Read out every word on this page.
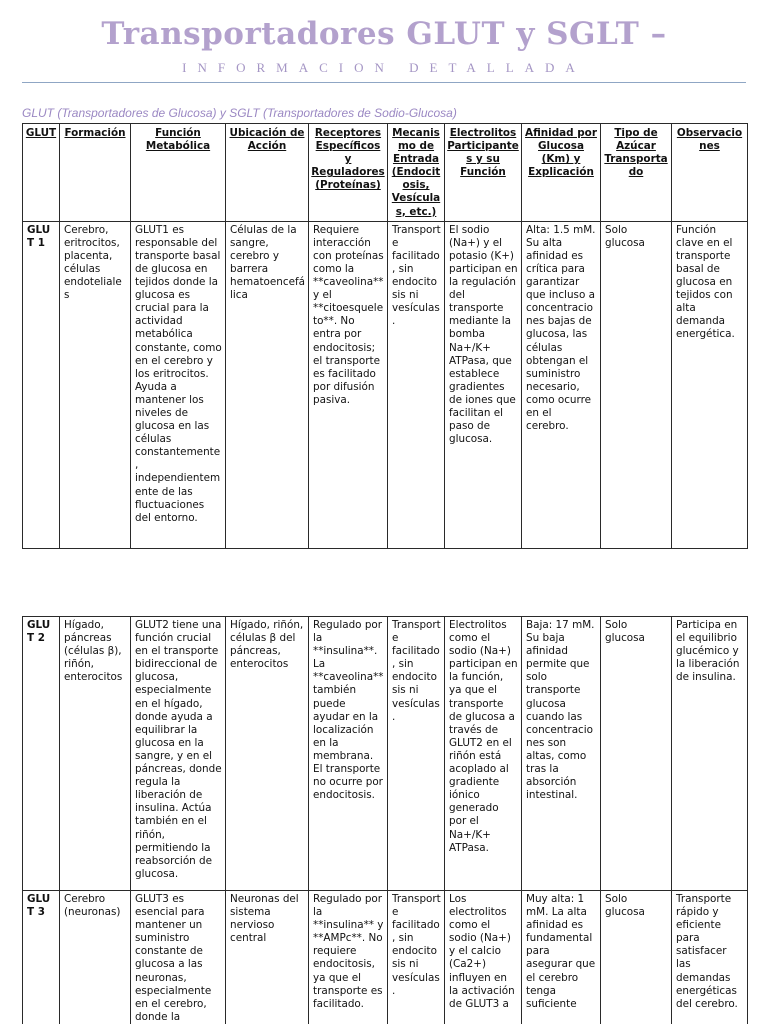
Transportadores GLUT y SGLT –
INFORMACION DETALLADA
GLUT (Transportadores de Glucosa) y SGLT (Transportadores de Sodio-Glucosa)
GLUT	Formación	Función Metabólica	Ubicación de Acción	Receptores Específicos y Reguladores (Proteínas)	Mecanismo de Entrada (Endocitosis, Vesículas, etc.)	Electrolitos Participantes y su Función	Afinidad por Glucosa (Km) y Explicación	Tipo de Azúcar Transportado	Observaciones
GLUT 1	Cerebro, eritrocitos, placenta, células endoteliales	GLUT1 es responsable del transporte basal de glucosa en tejidos donde la glucosa es crucial para la actividad metabólica constante, como en el cerebro y los eritrocitos. Ayuda a mantener los niveles de glucosa en las células constantemente, independientemente de las fluctuaciones del entorno.	Células de la sangre, cerebro y barrera hematoencefálica	Requiere interacción con proteínas como la **caveolina** y el **citoesqueleto**. No entra por endocitosis; el transporte es facilitado por difusión pasiva.	Transporte facilitado, sin endocitosis ni vesículas.	El sodio (Na+) y el potasio (K+) participan en la regulación del transporte mediante la bomba Na+/K+ ATPasa, que establece gradientes de iones que facilitan el paso de glucosa.	Alta: 1.5 mM. Su alta afinidad es crítica para garantizar que incluso a concentraciones bajas de glucosa, las células obtengan el suministro necesario, como ocurre en el cerebro.	Solo glucosa	Función clave en el transporte basal de glucosa en tejidos con alta demanda energética.
GLUT 2	Hígado, páncreas (células β), riñón, enterocitos	GLUT2 tiene una función crucial en el transporte bidireccional de glucosa, especialmente en el hígado, donde ayuda a equilibrar la glucosa en la sangre, y en el páncreas, donde regula la liberación de insulina. Actúa también en el riñón, permitiendo la reabsorción de glucosa.	Hígado, riñón, células β del páncreas, enterocitos	Regulado por la **insulina**. La **caveolina** también puede ayudar en la localización en la membrana. El transporte no ocurre por endocitosis.	Transporte facilitado, sin endocitosis ni vesículas.	Electrolitos como el sodio (Na+) participan en la función, ya que el transporte de glucosa a través de GLUT2 en el riñón está acoplado al gradiente iónico generado por el Na+/K+ ATPasa.	Baja: 17 mM. Su baja afinidad permite que solo transporte glucosa cuando las concentraciones son altas, como tras la absorción intestinal.	Solo glucosa	Participa en el equilibrio glucémico y la liberación de insulina.
GLUT 3	Cerebro (neuronas)	GLUT3 es esencial para mantener un suministro constante de glucosa a las neuronas, especialmente en el cerebro, donde la	Neuronas del sistema nervioso central	Regulado por la **insulina** y **AMPc**. No requiere endocitosis, ya que el transporte es facilitado.	Transporte facilitado, sin endocitosis ni vesículas.	Los electrolitos como el sodio (Na+) y el calcio (Ca2+) influyen en la activación de GLUT3 a	Muy alta: 1 mM. La alta afinidad es fundamental para asegurar que el cerebro tenga suficiente	Solo glucosa	Transporte rápido y eficiente para satisfacer las demandas energéticas del cerebro.
